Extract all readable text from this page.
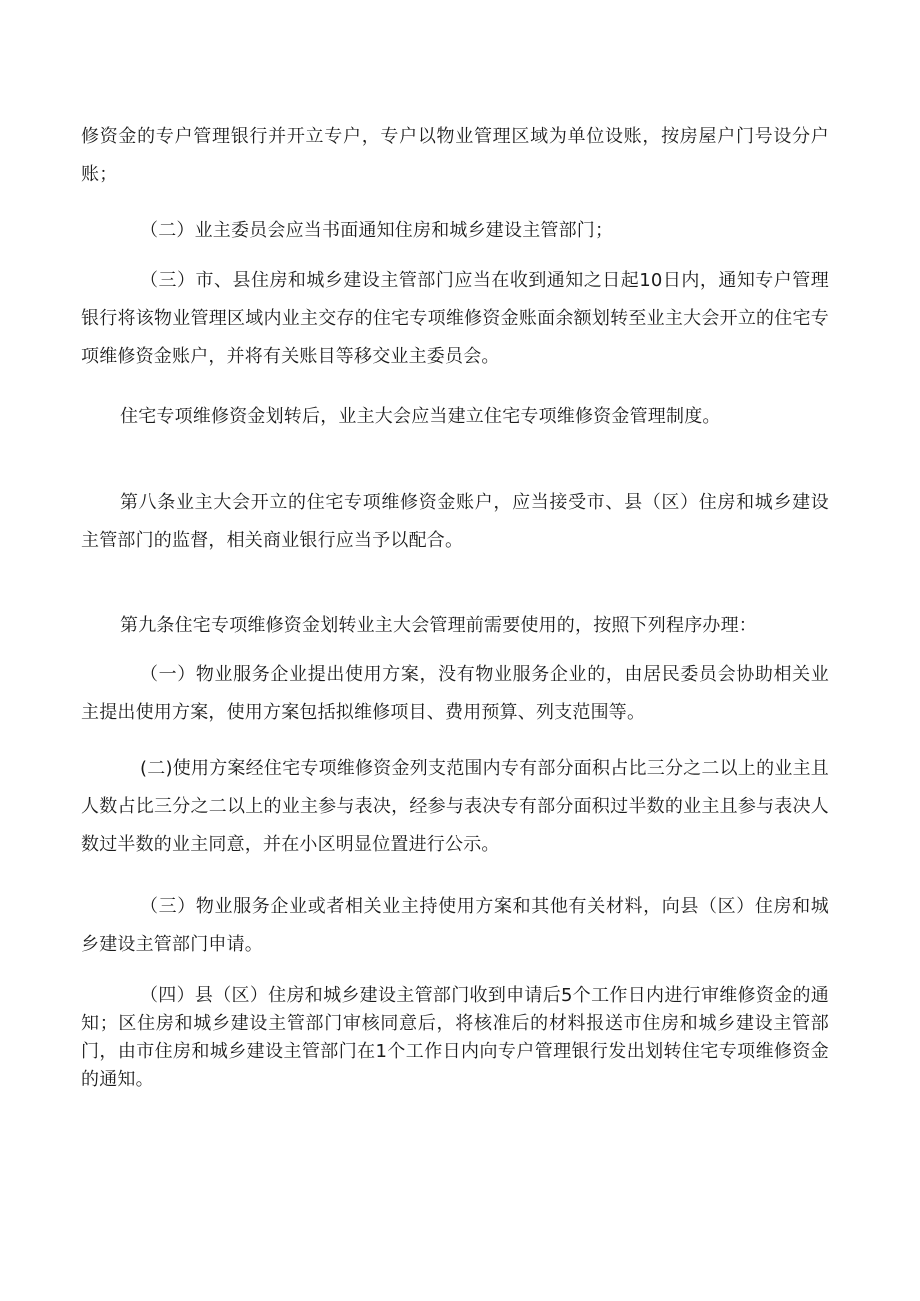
修资金的专户管理银行并开立专户，专户以物业管理区域为单位设账，按房屋户门号设分户账；

（二）业主委员会应当书面通知住房和城乡建设主管部门；

（三）市、县住房和城乡建设主管部门应当在收到通知之日起10日内，通知专户管理银行将该物业管理区域内业主交存的住宅专项维修资金账面余额划转至业主大会开立的住宅专项维修资金账户，并将有关账目等移交业主委员会。

住宅专项维修资金划转后，业主大会应当建立住宅专项维修资金管理制度。

第八条业主大会开立的住宅专项维修资金账户，应当接受市、县（区）住房和城乡建设主管部门的监督，相关商业银行应当予以配合。

第九条住宅专项维修资金划转业主大会管理前需要使用的，按照下列程序办理：

（一）物业服务企业提出使用方案，没有物业服务企业的，由居民委员会协助相关业主提出使用方案，使用方案包括拟维修项目、费用预算、列支范围等。

(二)使用方案经住宅专项维修资金列支范围内专有部分面积占比三分之二以上的业主且人数占比三分之二以上的业主参与表决，经参与表决专有部分面积过半数的业主且参与表决人数过半数的业主同意，并在小区明显位置进行公示。

（三）物业服务企业或者相关业主持使用方案和其他有关材料，向县（区）住房和城乡建设主管部门申请。

（四）县（区）住房和城乡建设主管部门收到申请后5个工作日内进行审维修资金的通知；区住房和城乡建设主管部门审核同意后，将核准后的材料报送市住房和城乡建设主管部门，由市住房和城乡建设主管部门在1个工作日内向专户管理银行发出划转住宅专项维修资金的通知。
